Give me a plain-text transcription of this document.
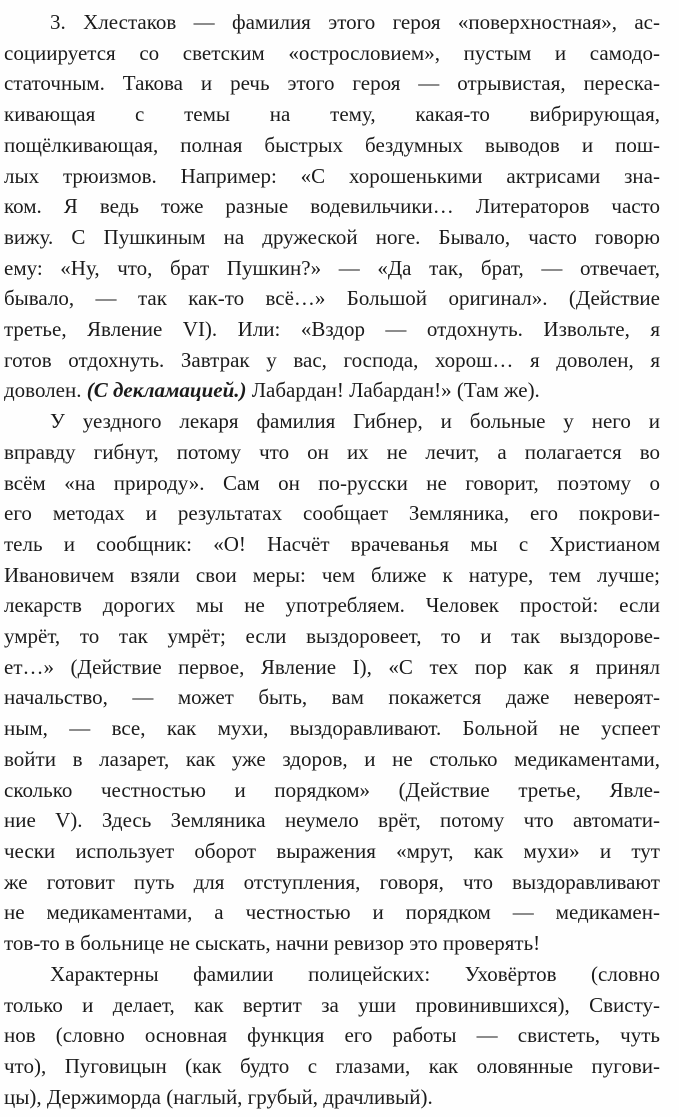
3. Хлестаков — фамилия этого героя «поверхностная», ас-
социируется со светским «острословием», пустым и самодо-
статочным. Такова и речь этого героя — отрывистая, переска-
кивающая с темы на тему, какая-то вибрирующая,
пощёлкивающая, полная быстрых бездумных выводов и пош-
лых трюизмов. Например: «С хорошенькими актрисами зна-
ком. Я ведь тоже разные водевильчики… Литераторов часто
вижу. С Пушкиным на дружеской ноге. Бывало, часто говорю
ему: «Ну, что, брат Пушкин?» — «Да так, брат, — отвечает,
бывало, — так как-то всё…» Большой оригинал». (Действие
третье, Явление VI). Или: «Вздор — отдохнуть. Извольте, я
готов отдохнуть. Завтрак у вас, господа, хорош… я доволен, я
доволен. (С декламацией.) Лабардан! Лабардан!» (Там же).
У уездного лекаря фамилия Гибнер, и больные у него и
вправду гибнут, потому что он их не лечит, а полагается во
всём «на природу». Сам он по-русски не говорит, поэтому о
его методах и результатах сообщает Земляника, его покрови-
тель и сообщник: «О! Насчёт врачеванья мы с Христианом
Ивановичем взяли свои меры: чем ближе к натуре, тем лучше;
лекарств дорогих мы не употребляем. Человек простой: если
умрёт, то так умрёт; если выздоровеет, то и так выздорове-
ет…» (Действие первое, Явление I), «С тех пор как я принял
начальство, — может быть, вам покажется даже невероят-
ным, — все, как мухи, выздоравливают. Больной не успеет
войти в лазарет, как уже здоров, и не столько медикаментами,
сколько честностью и порядком» (Действие третье, Явле-
ние V). Здесь Земляника неумело врёт, потому что автомати-
чески использует оборот выражения «мрут, как мухи» и тут
же готовит путь для отступления, говоря, что выздоравливают
не медикаментами, а честностью и порядком — медикамен-
тов-то в больнице не сыскать, начни ревизор это проверять!
Характерны фамилии полицейских: Уховёртов (словно
только и делает, как вертит за уши провинившихся), Свисту-
нов (словно основная функция его работы — свистеть, чуть
что), Пуговицын (как будто с глазами, как оловянные пугови-
цы), Держиморда (наглый, грубый, драчливый).
